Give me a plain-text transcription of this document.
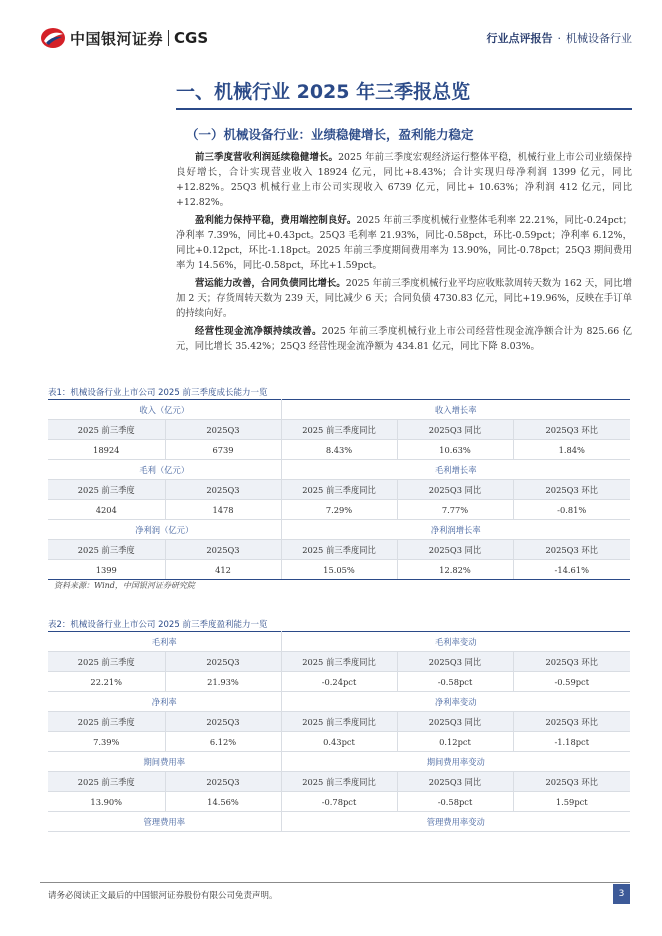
中国银河证券 CGS	行业点评报告 · 机械设备行业
一、机械行业 2025 年三季报总览
（一）机械设备行业：业绩稳健增长，盈利能力稳定

前三季度营收利润延续稳健增长。2025 年前三季度宏观经济运行整体平稳，机械行业上市公司业绩保持良好增长，合计实现营业收入 18924 亿元，同比+8.43%；合计实现归母净利润 1399 亿元，同比+12.82%。25Q3 机械行业上市公司实现收入 6739 亿元，同比+ 10.63%；净利润 412 亿元，同比+12.82%。

盈利能力保持平稳，费用端控制良好。2025 年前三季度机械行业整体毛利率 22.21%，同比-0.24pct；净利率 7.39%，同比+0.43pct。25Q3 毛利率 21.93%，同比-0.58pct，环比-0.59pct；净利率 6.12%，同比+0.12pct，环比-1.18pct。2025 年前三季度期间费用率为 13.90%，同比-0.78pct；25Q3 期间费用率为 14.56%，同比-0.58pct，环比+1.59pct。

营运能力改善，合同负债同比增长。2025 年前三季度机械行业平均应收账款周转天数为 162 天，同比增加 2 天；存货周转天数为 239 天，同比减少 6 天；合同负债 4730.83 亿元，同比+19.96%，反映在手订单的持续向好。

经营性现金流净额持续改善。2025 年前三季度机械行业上市公司经营性现金流净额合计为 825.66 亿元，同比增长 35.42%；25Q3 经营性现金流净额为 434.81 亿元，同比下降 8.03%。

表1：机械设备行业上市公司 2025 前三季度成长能力一览
收入（亿元）		收入增长率		
2025 前三季度	2025Q3	2025 前三季度同比	2025Q3 同比	2025Q3 环比
18924	6739	8.43%	10.63%	1.84%
毛利（亿元）		毛利增长率		
2025 前三季度	2025Q3	2025 前三季度同比	2025Q3 同比	2025Q3 环比
4204	1478	7.29%	7.77%	-0.81%
净利润（亿元）		净利润增长率		
2025 前三季度	2025Q3	2025 前三季度同比	2025Q3 同比	2025Q3 环比
1399	412	15.05%	12.82%	-14.61%
资料来源：Wind，中国银河证券研究院
表2：机械设备行业上市公司 2025 前三季度盈利能力一览
毛利率		毛利率变动		
2025 前三季度	2025Q3	2025 前三季度同比	2025Q3 同比	2025Q3 环比
22.21%	21.93%	-0.24pct	-0.58pct	-0.59pct
净利率		净利率变动		
2025 前三季度	2025Q3	2025 前三季度同比	2025Q3 同比	2025Q3 环比
7.39%	6.12%	0.43pct	0.12pct	-1.18pct
期间费用率		期间费用率变动		
2025 前三季度	2025Q3	2025 前三季度同比	2025Q3 同比	2025Q3 环比
13.90%	14.56%	-0.78pct	-0.58pct	1.59pct
管理费用率		管理费用率变动		
请务必阅读正文最后的中国银河证券股份有限公司免责声明。	3
